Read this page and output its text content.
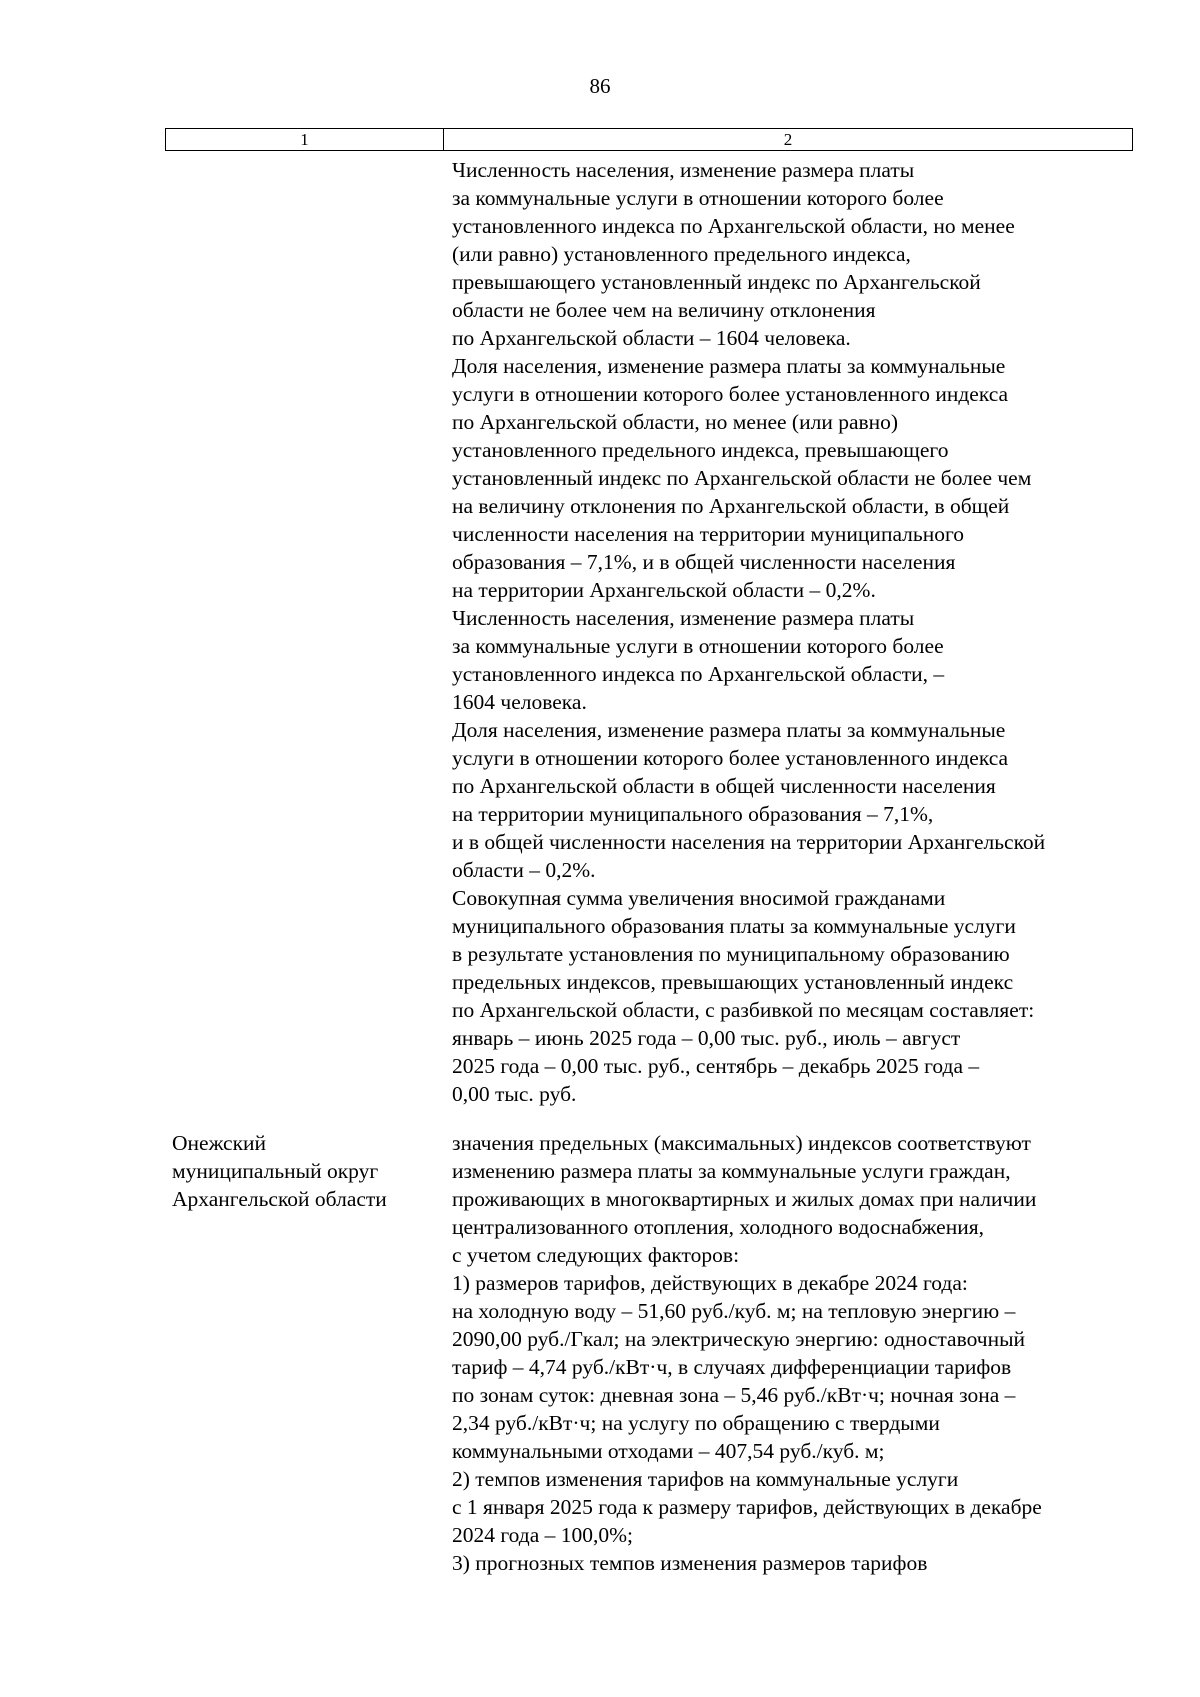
86
1	2
Численность населения, изменение размера платы
за коммунальные услуги в отношении которого более
установленного индекса по Архангельской области, но менее
(или равно) установленного предельного индекса,
превышающего установленный индекс по Архангельской
области не более чем на величину отклонения
по Архангельской области – 1604 человека.
Доля населения, изменение размера платы за коммунальные
услуги в отношении которого более установленного индекса
по Архангельской области, но менее (или равно)
установленного предельного индекса, превышающего
установленный индекс по Архангельской области не более чем
на величину отклонения по Архангельской области, в общей
численности населения на территории муниципального
образования – 7,1%, и в общей численности населения
на территории Архангельской области – 0,2%.
Численность населения, изменение размера платы
за коммунальные услуги в отношении которого более
установленного индекса по Архангельской области, –
1604 человека.
Доля населения, изменение размера платы за коммунальные
услуги в отношении которого более установленного индекса
по Архангельской области в общей численности населения
на территории муниципального образования – 7,1%,
и в общей численности населения на территории Архангельской
области – 0,2%.
Совокупная сумма увеличения вносимой гражданами
муниципального образования платы за коммунальные услуги
в результате установления по муниципальному образованию
предельных индексов, превышающих установленный индекс
по Архангельской области, с разбивкой по месяцам составляет:
январь – июнь 2025 года – 0,00 тыс. руб., июль – август
2025 года – 0,00 тыс. руб., сентябрь – декабрь 2025 года –
0,00 тыс. руб.
Онежский
муниципальный округ
Архангельской области
значения предельных (максимальных) индексов соответствуют
изменению размера платы за коммунальные услуги граждан,
проживающих в многоквартирных и жилых домах при наличии
централизованного отопления, холодного водоснабжения,
с учетом следующих факторов:
1) размеров тарифов, действующих в декабре 2024 года:
на холодную воду – 51,60 руб./куб. м; на тепловую энергию –
2090,00 руб./Гкал; на электрическую энергию: одноставочный
тариф – 4,74 руб./кВт·ч, в случаях дифференциации тарифов
по зонам суток: дневная зона – 5,46 руб./кВт·ч; ночная зона –
2,34 руб./кВт·ч; на услугу по обращению с твердыми
коммунальными отходами – 407,54 руб./куб. м;
2) темпов изменения тарифов на коммунальные услуги
с 1 января 2025 года к размеру тарифов, действующих в декабре
2024 года – 100,0%;
3) прогнозных темпов изменения размеров тарифов
